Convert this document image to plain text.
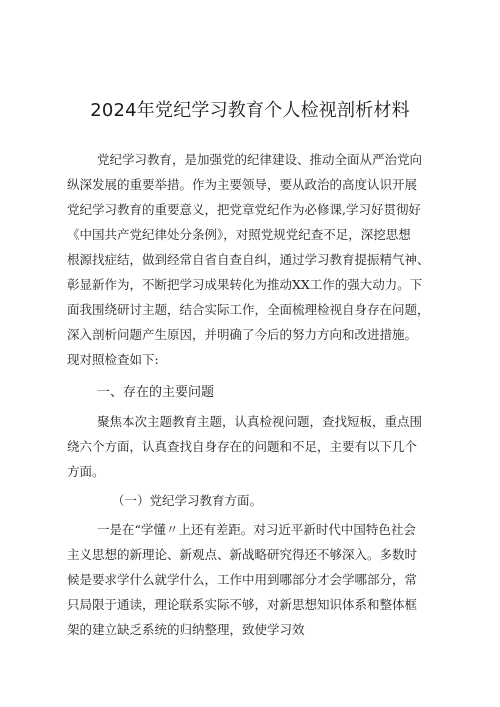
2024年党纪学习教育个人检视剖析材料
党纪学习教育，是加强党的纪律建设、推动全面从严治党向
纵深发展的重要举措。作为主要领导，要从政治的高度认识开展
党纪学习教育的重要意义，把党章党纪作为必修课,学习好贯彻好
《中国共产党纪律处分条例》，对照党规党纪查不足，深挖思想
根源找症结，做到经常自省自查自纠，通过学习教育提振精气神、
彰显新作为，不断把学习成果转化为推动XX工作的强大动力。下
面我围绕研讨主题，结合实际工作，全面梳理检视自身存在问题，
深入剖析问题产生原因，并明确了今后的努力方向和改进措施。
现对照检查如下:
一、存在的主要问题
聚焦本次主题教育主题，认真检视问题，查找短板，重点围
绕六个方面，认真查找自身存在的问题和不足，主要有以下几个
方面。
（一）党纪学习教育方面。
一是在“学懂〃上还有差距。对习近平新时代中国特色社会
主义思想的新理论、新观点、新战略研究得还不够深入。多数时
候是要求学什么就学什么，工作中用到哪部分才会学哪部分，常
只局限于通读，理论联系实际不够，对新思想知识体系和整体框
架的建立缺乏系统的归纳整理，致使学习效
